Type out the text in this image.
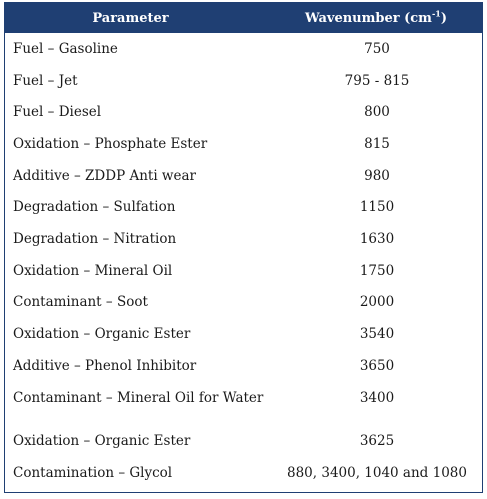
Parameter	Wavenumber $(cm^{-1})$
Fuel – Gasoline	750
Fuel – Jet	795 - 815
Fuel – Diesel	800
Oxidation – Phosphate Ester	815
Additive – ZDDP Anti wear	980
Degradation – Sulfation	1150
Degradation – Nitration	1630
Oxidation – Mineral Oil	1750
Contaminant – Soot	2000
Oxidation – Organic Ester	3540
Additive – Phenol Inhibitor	3650
Contaminant – Mineral Oil for Water	3400
Oxidation – Organic Ester	3625
Contamination – Glycol	880, 3400, 1040 and 1080
